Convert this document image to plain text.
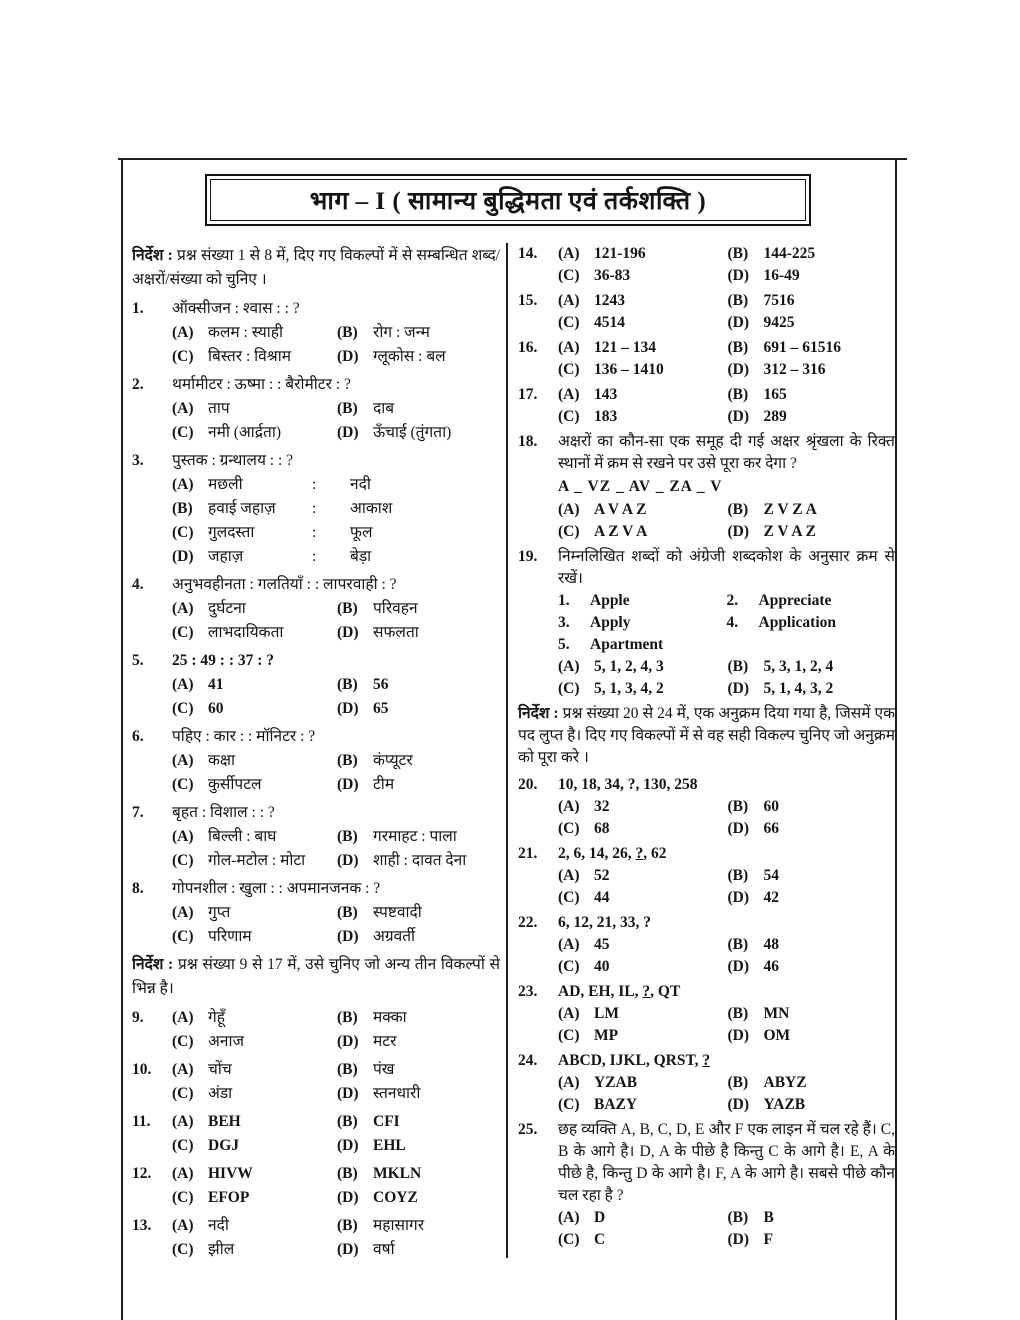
भाग – I ( सामान्य बुद्धिमता एवं तर्कशक्ति )
निर्देश : प्रश्न संख्या 1 से 8 में, दिए गए विकल्पों में से सम्बन्धित शब्द/अक्षरों/संख्या को चुनिए ।
1.	ऑक्सीजन : श्वास : : ?
(A) कलम : स्याही	(B) रोग : जन्म
(C) बिस्तर : विश्राम	(D) ग्लूकोस : बल
2.	थर्मामीटर : ऊष्मा : : बैरोमीटर : ?
(A) ताप	(B) दाब
(C) नमी (आर्द्रता)	(D) ऊँचाई (तुंगता)
3.	पुस्तक : ग्रन्थालय : : ?
(A) मछली	:	नदी
(B) हवाई जहाज़	:	आकाश
(C) गुलदस्ता	:	फूल
(D) जहाज़	:	बेड़ा
4.	अनुभवहीनता : गलतियाँ : : लापरवाही : ?
(A) दुर्घटना	(B) परिवहन
(C) लाभदायिकता	(D) सफलता
5.	25 : 49 : : 37 : ?
(A) 41	(B) 56
(C) 60	(D) 65
6.	पहिए : कार : : मॉनिटर : ?
(A) कक्षा	(B) कंप्यूटर
(C) कुर्सीपटल	(D) टीम
7.	बृहत : विशाल : : ?
(A) बिल्ली : बाघ	(B) गरमाहट : पाला
(C) गोल-मटोल : मोटा (D) शाही : दावत देना
8.	गोपनशील : खुला : : अपमानजनक : ?
(A) गुप्त	(B) स्पष्टवादी
(C) परिणाम	(D) अग्रवर्ती
निर्देश : प्रश्न संख्या 9 से 17 में, उसे चुनिए जो अन्य तीन विकल्पों से भिन्न है।
9.	(A) गेहूँ	(B) मक्का
(C) अनाज	(D) मटर
10.	(A) चोंच	(B) पंख
(C) अंडा	(D) स्तनधारी
11.	(A) BEH	(B) CFI
(C) DGJ	(D) EHL
12.	(A) HIVW	(B) MKLN
(C) EFOP	(D) COYZ
13.	(A) नदी	(B) महासागर
(C) झील	(D) वर्षा
14.	(A) 121-196	(B) 144-225
(C) 36-83	(D) 16-49
15.	(A) 1243	(B) 7516
(C) 4514	(D) 9425
16.	(A) 121 – 134	(B) 691 – 61516
(C) 136 – 1410	(D) 312 – 316
17.	(A) 143	(B) 165
(C) 183	(D) 289
18.	अक्षरों का कौन-सा एक समूह दी गई अक्षर श्रृंखला के रिक्त स्थानों में क्रम से रखने पर उसे पूरा कर देगा ?
A _ VZ _ AV _ ZA _ V
(A) A V A Z	(B) Z V Z A
(C) A Z V A	(D) Z V A Z
19.	निम्नलिखित शब्दों को अंग्रेजी शब्दकोश के अनुसार क्रम से रखें।
1.	Apple	2.	Appreciate
3.	Apply	4.	Application
5.	Apartment
(A) 5, 1, 2, 4, 3	(B) 5, 3, 1, 2, 4
(C) 5, 1, 3, 4, 2	(D) 5, 1, 4, 3, 2
निर्देश : प्रश्न संख्या 20 से 24 में, एक अनुक्रम दिया गया है, जिसमें एक पद लुप्त है। दिए गए विकल्पों में से वह सही विकल्प चुनिए जो अनुक्रम को पूरा करे ।
20.	10, 18, 34, ?, 130, 258
(A) 32	(B) 60
(C) 68	(D) 66
21.	2, 6, 14, 26, ?, 62
(A) 52	(B) 54
(C) 44	(D) 42
22.	6, 12, 21, 33, ?
(A) 45	(B) 48
(C) 40	(D) 46
23.	AD, EH, IL, ?, QT
(A) LM	(B) MN
(C) MP	(D) OM
24.	ABCD, IJKL, QRST, ?
(A) YZAB	(B) ABYZ
(C) BAZY	(D) YAZB
25.	छह व्यक्ति A, B, C, D, E और F एक लाइन में चल रहे हैं। C, B के आगे है। D, A के पीछे है किन्तु C के आगे है। E, A के पीछे है, किन्तु D के आगे है। F, A के आगे है। सबसे पीछे कौन चल रहा है ?
(A) D	(B) B
(C) C	(D) F
